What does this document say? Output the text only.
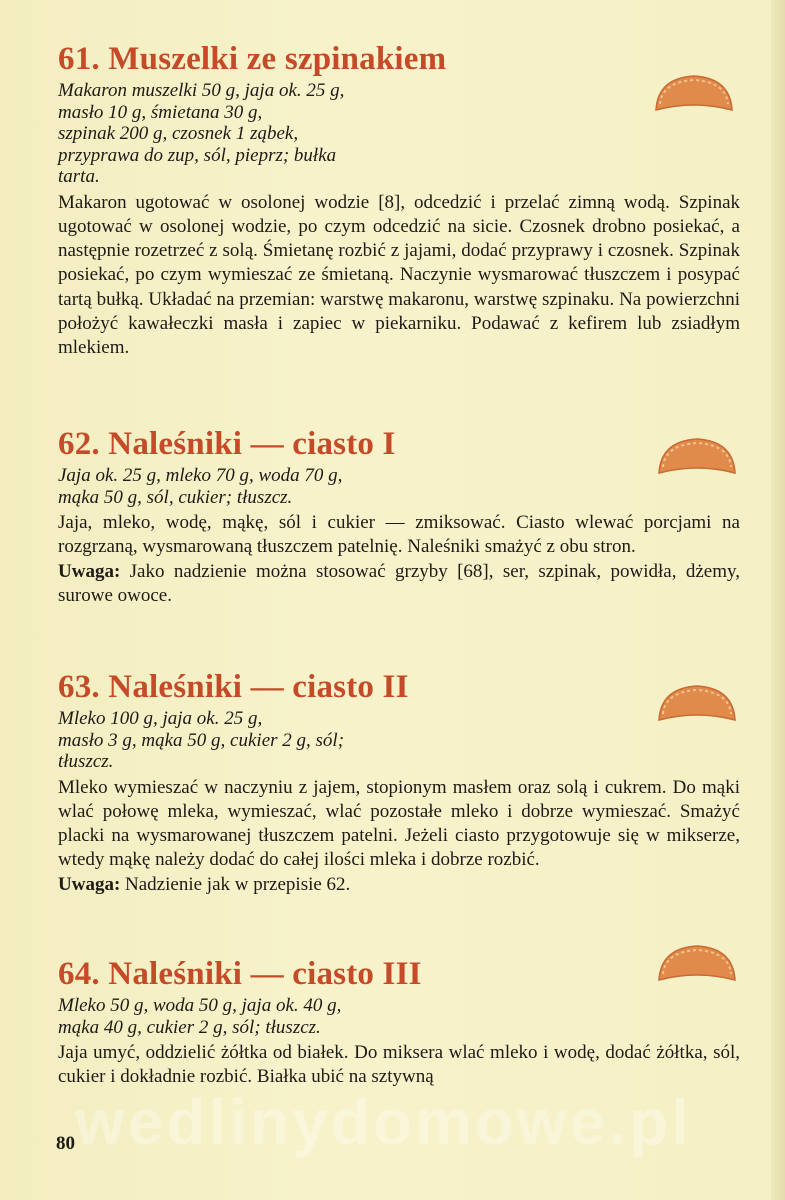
61. Muszelki ze szpinakiem
Makaron muszelki 50 g, jaja ok. 25 g,
masło 10 g, śmietana 30 g,
szpinak 200 g, czosnek 1 ząbek,
przyprawa do zup, sól, pieprz; bułka
tarta.

Makaron ugotować w osolonej wodzie [8], odcedzić i przelać zimną wodą. Szpinak ugotować w osolonej wodzie, po czym odcedzić na sicie. Czosnek drobno posiekać, a następnie rozetrzeć z solą. Śmietanę rozbić z jajami, dodać przyprawy i czosnek. Szpinak posiekać, po czym wymieszać ze śmietaną. Naczynie wysmarować tłuszczem i posypać tartą bułką. Układać na przemian: warstwę makaronu, warstwę szpinaku. Na powierzchni położyć kawałeczki masła i zapiec w piekarniku. Podawać z kefirem lub zsiadłym mlekiem.

62. Naleśniki — ciasto I
Jaja ok. 25 g, mleko 70 g, woda 70 g,
mąka 50 g, sól, cukier; tłuszcz.

Jaja, mleko, wodę, mąkę, sól i cukier — zmiksować. Ciasto wlewać porcjami na rozgrzaną, wysmarowaną tłuszczem patelnię. Naleśniki smażyć z obu stron.

Uwaga: Jako nadzienie można stosować grzyby [68], ser, szpinak, powidła, dżemy, surowe owoce.

63. Naleśniki — ciasto II
Mleko 100 g, jaja ok. 25 g,
masło 3 g, mąka 50 g, cukier 2 g, sól;
tłuszcz.

Mleko wymieszać w naczyniu z jajem, stopionym masłem oraz solą i cukrem. Do mąki wlać połowę mleka, wymieszać, wlać pozostałe mleko i dobrze wymieszać. Smażyć placki na wysmarowanej tłuszczem patelni. Jeżeli ciasto przygotowuje się w mikserze, wtedy mąkę należy dodać do całej ilości mleka i dobrze rozbić.

Uwaga: Nadzienie jak w przepisie 62.

64. Naleśniki — ciasto III
Mleko 50 g, woda 50 g, jaja ok. 40 g,
mąka 40 g, cukier 2 g, sól; tłuszcz.

Jaja umyć, oddzielić żółtka od białek. Do miksera wlać mleko i wodę, dodać żółtka, sól, cukier i dokładnie rozbić. Białka ubić na sztywną

wedlinydomowe.pl
80
